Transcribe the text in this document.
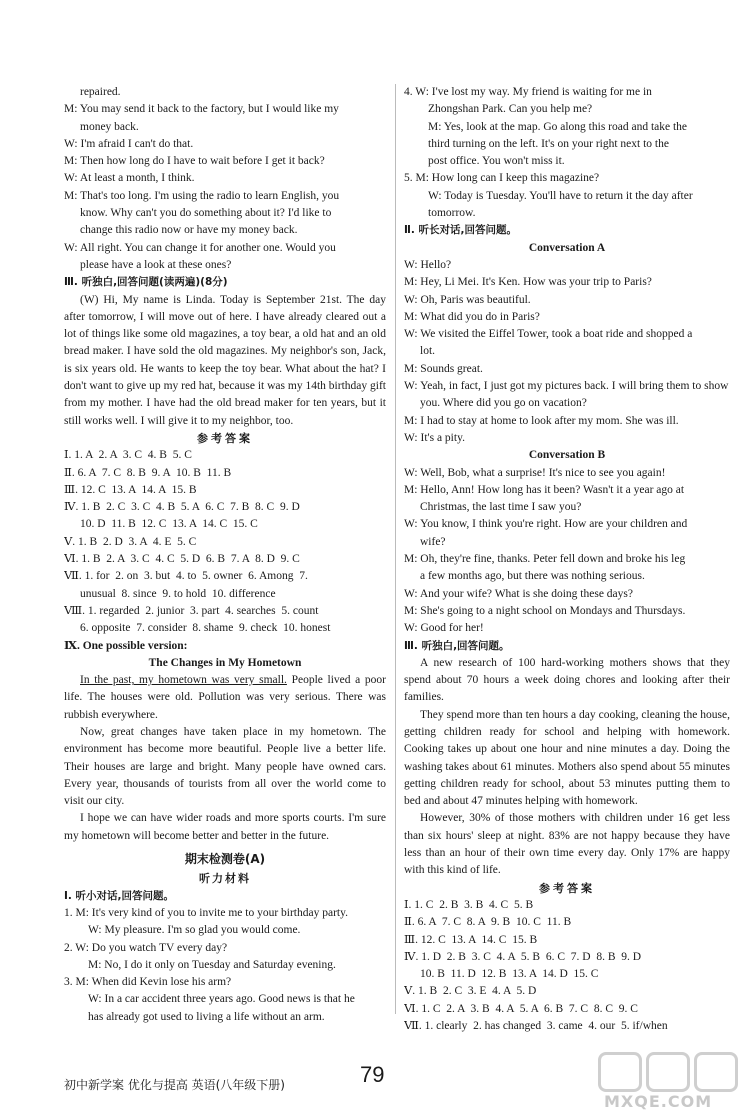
repaired.
M: You may send it back to the factory, but I would like my
money back.
W: I'm afraid I can't do that.
M: Then how long do I have to wait before I get it back?
W: At least a month, I think.
M: That's too long. I'm using the radio to learn English, you
know. Why can't you do something about it? I'd like to
change this radio now or have my money back.
W: All right. You can change it for another one. Would you
please have a look at these ones?
Ⅲ. 听独白,回答问题(读两遍)(8分)
(W) Hi, My name is Linda. Today is September 21st. The day after tomorrow, I will move out of here. I have already cleared out a lot of things like some old magazines, a toy bear, a old hat and an old bread maker. I have sold the old magazines. My neighbor's son, Jack, is six years old. He wants to keep the toy bear. What about the hat? I don't want to give up my red hat, because it was my 14th birthday gift from my mother. I have had the old bread maker for ten years, but it still works well. I will give it to my neighbor, too.
参考答案
Ⅰ. 1. A  2. A  3. C  4. B  5. C
Ⅱ. 6. A  7. C  8. B  9. A  10. B  11. B
Ⅲ. 12. C  13. A  14. A  15. B
Ⅳ. 1. B  2. C  3. C  4. B  5. A  6. C  7. B  8. C  9. D
10. D  11. B  12. C  13. A  14. C  15. C
Ⅴ. 1. B  2. D  3. A  4. E  5. C
Ⅵ. 1. B  2. A  3. C  4. C  5. D  6. B  7. A  8. D  9. C
Ⅶ. 1. for  2. on  3. but  4. to  5. owner  6. Among  7.
unusual  8. since  9. to hold  10. difference
Ⅷ. 1. regarded  2. junior  3. part  4. searches  5. count
6. opposite  7. consider  8. shame  9. check  10. honest
Ⅸ. One possible version:
The Changes in My Hometown
In the past, my hometown was very small. People lived a poor life. The houses were old. Pollution was very serious. There was rubbish everywhere.
Now, great changes have taken place in my hometown. The environment has become more beautiful. People live a better life. Their houses are large and bright. Many people have owned cars. Every year, thousands of tourists from all over the world come to visit our city.
I hope we can have wider roads and more sports courts. I'm sure my hometown will become better and better in the future.
期末检测卷(A)
听力材料
Ⅰ. 听小对话,回答问题。
1. M: It's very kind of you to invite me to your birthday party.
W: My pleasure. I'm so glad you would come.
2. W: Do you watch TV every day?
M: No, I do it only on Tuesday and Saturday evening.
3. M: When did Kevin lose his arm?
W: In a car accident three years ago. Good news is that he
has already got used to living a life without an arm.
4. W: I've lost my way. My friend is waiting for me in
Zhongshan Park. Can you help me?
M: Yes, look at the map. Go along this road and take the
third turning on the left. It's on your right next to the
post office. You won't miss it.
5. M: How long can I keep this magazine?
W: Today is Tuesday. You'll have to return it the day after
tomorrow.
Ⅱ. 听长对话,回答问题。
Conversation A
W: Hello?
M: Hey, Li Mei. It's Ken. How was your trip to Paris?
W: Oh, Paris was beautiful.
M: What did you do in Paris?
W: We visited the Eiffel Tower, took a boat ride and shopped a
lot.
M: Sounds great.
W: Yeah, in fact, I just got my pictures back. I will bring them to show
you. Where did you go on vacation?
M: I had to stay at home to look after my mom. She was ill.
W: It's a pity.
Conversation B
W: Well, Bob, what a surprise! It's nice to see you again!
M: Hello, Ann! How long has it been? Wasn't it a year ago at
Christmas, the last time I saw you?
W: You know, I think you're right. How are your children and
wife?
M: Oh, they're fine, thanks. Peter fell down and broke his leg
a few months ago, but there was nothing serious.
W: And your wife? What is she doing these days?
M: She's going to a night school on Mondays and Thursdays.
W: Good for her!
Ⅲ. 听独白,回答问题。
A new research of 100 hard-working mothers shows that they spend about 70 hours a week doing chores and looking after their families.
They spend more than ten hours a day cooking, cleaning the house, getting children ready for school and helping with homework. Cooking takes up about one hour and nine minutes a day. Doing the washing takes about 61 minutes. Mothers also spend about 55 minutes getting children ready for school, about 53 minutes putting them to bed and about 47 minutes helping with homework.
However, 30% of those mothers with children under 16 get less than six hours' sleep at night. 83% are not happy because they have less than an hour of their own time every day. Only 17% are happy with this kind of life.
参考答案
Ⅰ. 1. C  2. B  3. B  4. C  5. B
Ⅱ. 6. A  7. C  8. A  9. B  10. C  11. B
Ⅲ. 12. C  13. A  14. C  15. B
Ⅳ. 1. D  2. B  3. C  4. A  5. B  6. C  7. D  8. B  9. D
10. B  11. D  12. B  13. A  14. D  15. C
Ⅴ. 1. B  2. C  3. E  4. A  5. D
Ⅵ. 1. C  2. A  3. B  4. A  5. A  6. B  7. C  8. C  9. C
Ⅶ. 1. clearly  2. has changed  3. came  4. our  5. if/when
初中新学案 优化与提高 英语(八年级下册)	79
MXQE.COM
